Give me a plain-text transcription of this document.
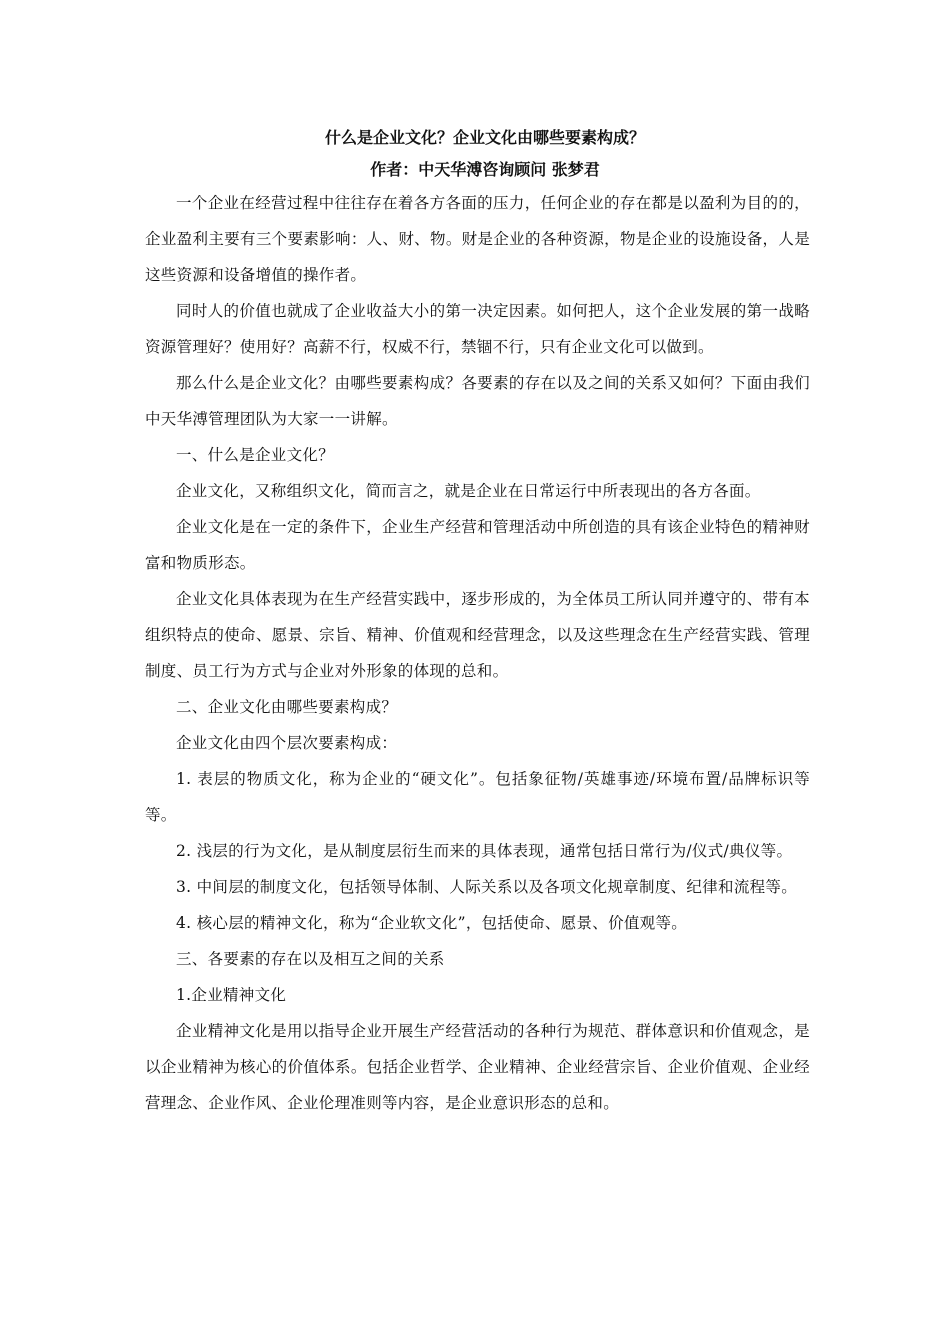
什么是企业文化？企业文化由哪些要素构成？
作者：中天华溥咨询顾问 张梦君

一个企业在经营过程中往往存在着各方各面的压力，任何企业的存在都是以盈利为目的的，企业盈利主要有三个要素影响：人、财、物。财是企业的各种资源，物是企业的设施设备，人是这些资源和设备增值的操作者。

同时人的价值也就成了企业收益大小的第一决定因素。如何把人，这个企业发展的第一战略资源管理好？使用好？高薪不行，权威不行，禁锢不行，只有企业文化可以做到。

那么什么是企业文化？由哪些要素构成？各要素的存在以及之间的关系又如何？下面由我们中天华溥管理团队为大家一一讲解。

一、什么是企业文化？

企业文化，又称组织文化，简而言之，就是企业在日常运行中所表现出的各方各面。

企业文化是在一定的条件下，企业生产经营和管理活动中所创造的具有该企业特色的精神财富和物质形态。

企业文化具体表现为在生产经营实践中，逐步形成的，为全体员工所认同并遵守的、带有本组织特点的使命、愿景、宗旨、精神、价值观和经营理念，以及这些理念在生产经营实践、管理制度、员工行为方式与企业对外形象的体现的总和。

二、企业文化由哪些要素构成？

企业文化由四个层次要素构成：

1. 表层的物质文化，称为企业的“硬文化”。包括象征物/英雄事迹/环境布置/品牌标识等等。

2. 浅层的行为文化，是从制度层衍生而来的具体表现，通常包括日常行为/仪式/典仪等。

3. 中间层的制度文化，包括领导体制、人际关系以及各项文化规章制度、纪律和流程等。

4. 核心层的精神文化，称为“企业软文化”，包括使命、愿景、价值观等。

三、各要素的存在以及相互之间的关系

1.企业精神文化

企业精神文化是用以指导企业开展生产经营活动的各种行为规范、群体意识和价值观念，是以企业精神为核心的价值体系。包括企业哲学、企业精神、企业经营宗旨、企业价值观、企业经营理念、企业作风、企业伦理准则等内容，是企业意识形态的总和。
